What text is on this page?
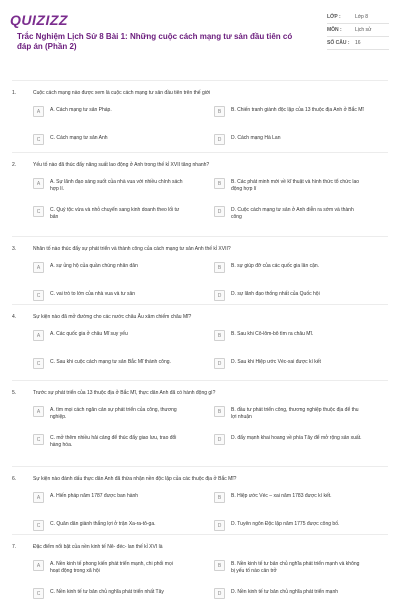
QUIZIZZ
Trắc Nghiệm Lịch Sử 8 Bài 1: Những cuộc cách mạng tư sản đầu tiên có đáp án (Phần 2)
LỚP :	Lớp 8
MÔN :	Lịch sử
SỐ CÂU :	16
1.	Cuộc cách mạng nào được xem là cuộc cách mạng tư sản đầu tiên trên thế giới
A	A. Cách mạng tư sản Pháp.	B	B. Chiến tranh giành độc lập của 13 thuộc địa Anh ở Bắc Mĩ
C	C. Cách mạng tư sản Anh	D	D. Cách mạng Hà Lan
2.	Yếu tố nào đã thúc đẩy năng suất lao động ở Anh trong thế kỉ XVII tăng nhanh?
A	A. Sự lãnh đạo sáng suốt của nhà vua với nhiều chính sách hợp lí.
B	B. Các phát minh mới về kĩ thuật và hình thức tổ chức lao động hợp lí
C	C. Quý tộc vừa và nhỏ chuyển sang kinh doanh theo lối tư bản
D	D. Cuộc cách mạng tư sản ở Anh diễn ra sớm và thành công
3.	Nhân tố nào thúc đẩy sự phát triển và thành công của cách mạng tư sản Anh thế kỉ XVII?
A	A. sự ủng hộ của quần chúng nhân dân	B	B. sự giúp đỡ của các quốc gia lân cận.
C	C. vai trò to lớn của nhà vua và tư sản	D	D. sự lãnh đạo thống nhất của Quốc hội
4.	Sự kiện nào đã mở đường cho các nước châu Âu xâm chiếm châu Mĩ?
A	A. Các quốc gia ở châu Mĩ suy yếu	B	B. Sau khi Cô-lôm-bô tìm ra châu Mĩ.
C	C. Sau khi cuộc cách mạng tư sản Bắc Mĩ thành công.	D	D. Sau khi Hiệp ước Véc-xai được kí kết
5.	Trước sự phát triển của 13 thuộc địa ở Bắc Mĩ, thực dân Anh đã có hành động gì?
A	A. tìm mọi cách ngăn cản sự phát triển của công, thương nghiệp.
B	B. đầu tư phát triển công, thương nghiệp thuộc địa để thu lợi nhuận
C	C. mở thêm nhiều hải cảng để thúc đẩy giao lưu, trao đổi hàng hóa.
D	D. đẩy mạnh khai hoang về phía Tây để mở rộng sản xuất.
6.	Sự kiện nào đánh dấu thực dân Anh đã thừa nhận nền độc lập của các thuộc địa ở Bắc Mĩ?
A	A. Hiến pháp năm 1787 được ban hành	B	B. Hiệp ước Véc – xai năm 1783 được kí kết.
C	C. Quân dân giành thắng lợi ở trận Xa-ra-tô-ga.	D	D. Tuyên ngôn Độc lập năm 1775 được công bố.
7.	Đặc điểm nổi bật của nền kinh tế Nê- đéc- lan thế kỉ XVI là
A	A. Nền kinh tế phong kiến phát triển mạnh, chi phối mọi hoạt động trong xã hội
B	B. Nền kinh tế tư bản chủ nghĩa phát triển mạnh và không bị yếu tố nào cản trở
C	C. Nền kinh tế tư bản chủ nghĩa phát triển nhất Tây	D	D. Nền kinh tế tư bản chủ nghĩa phát triển mạnh
